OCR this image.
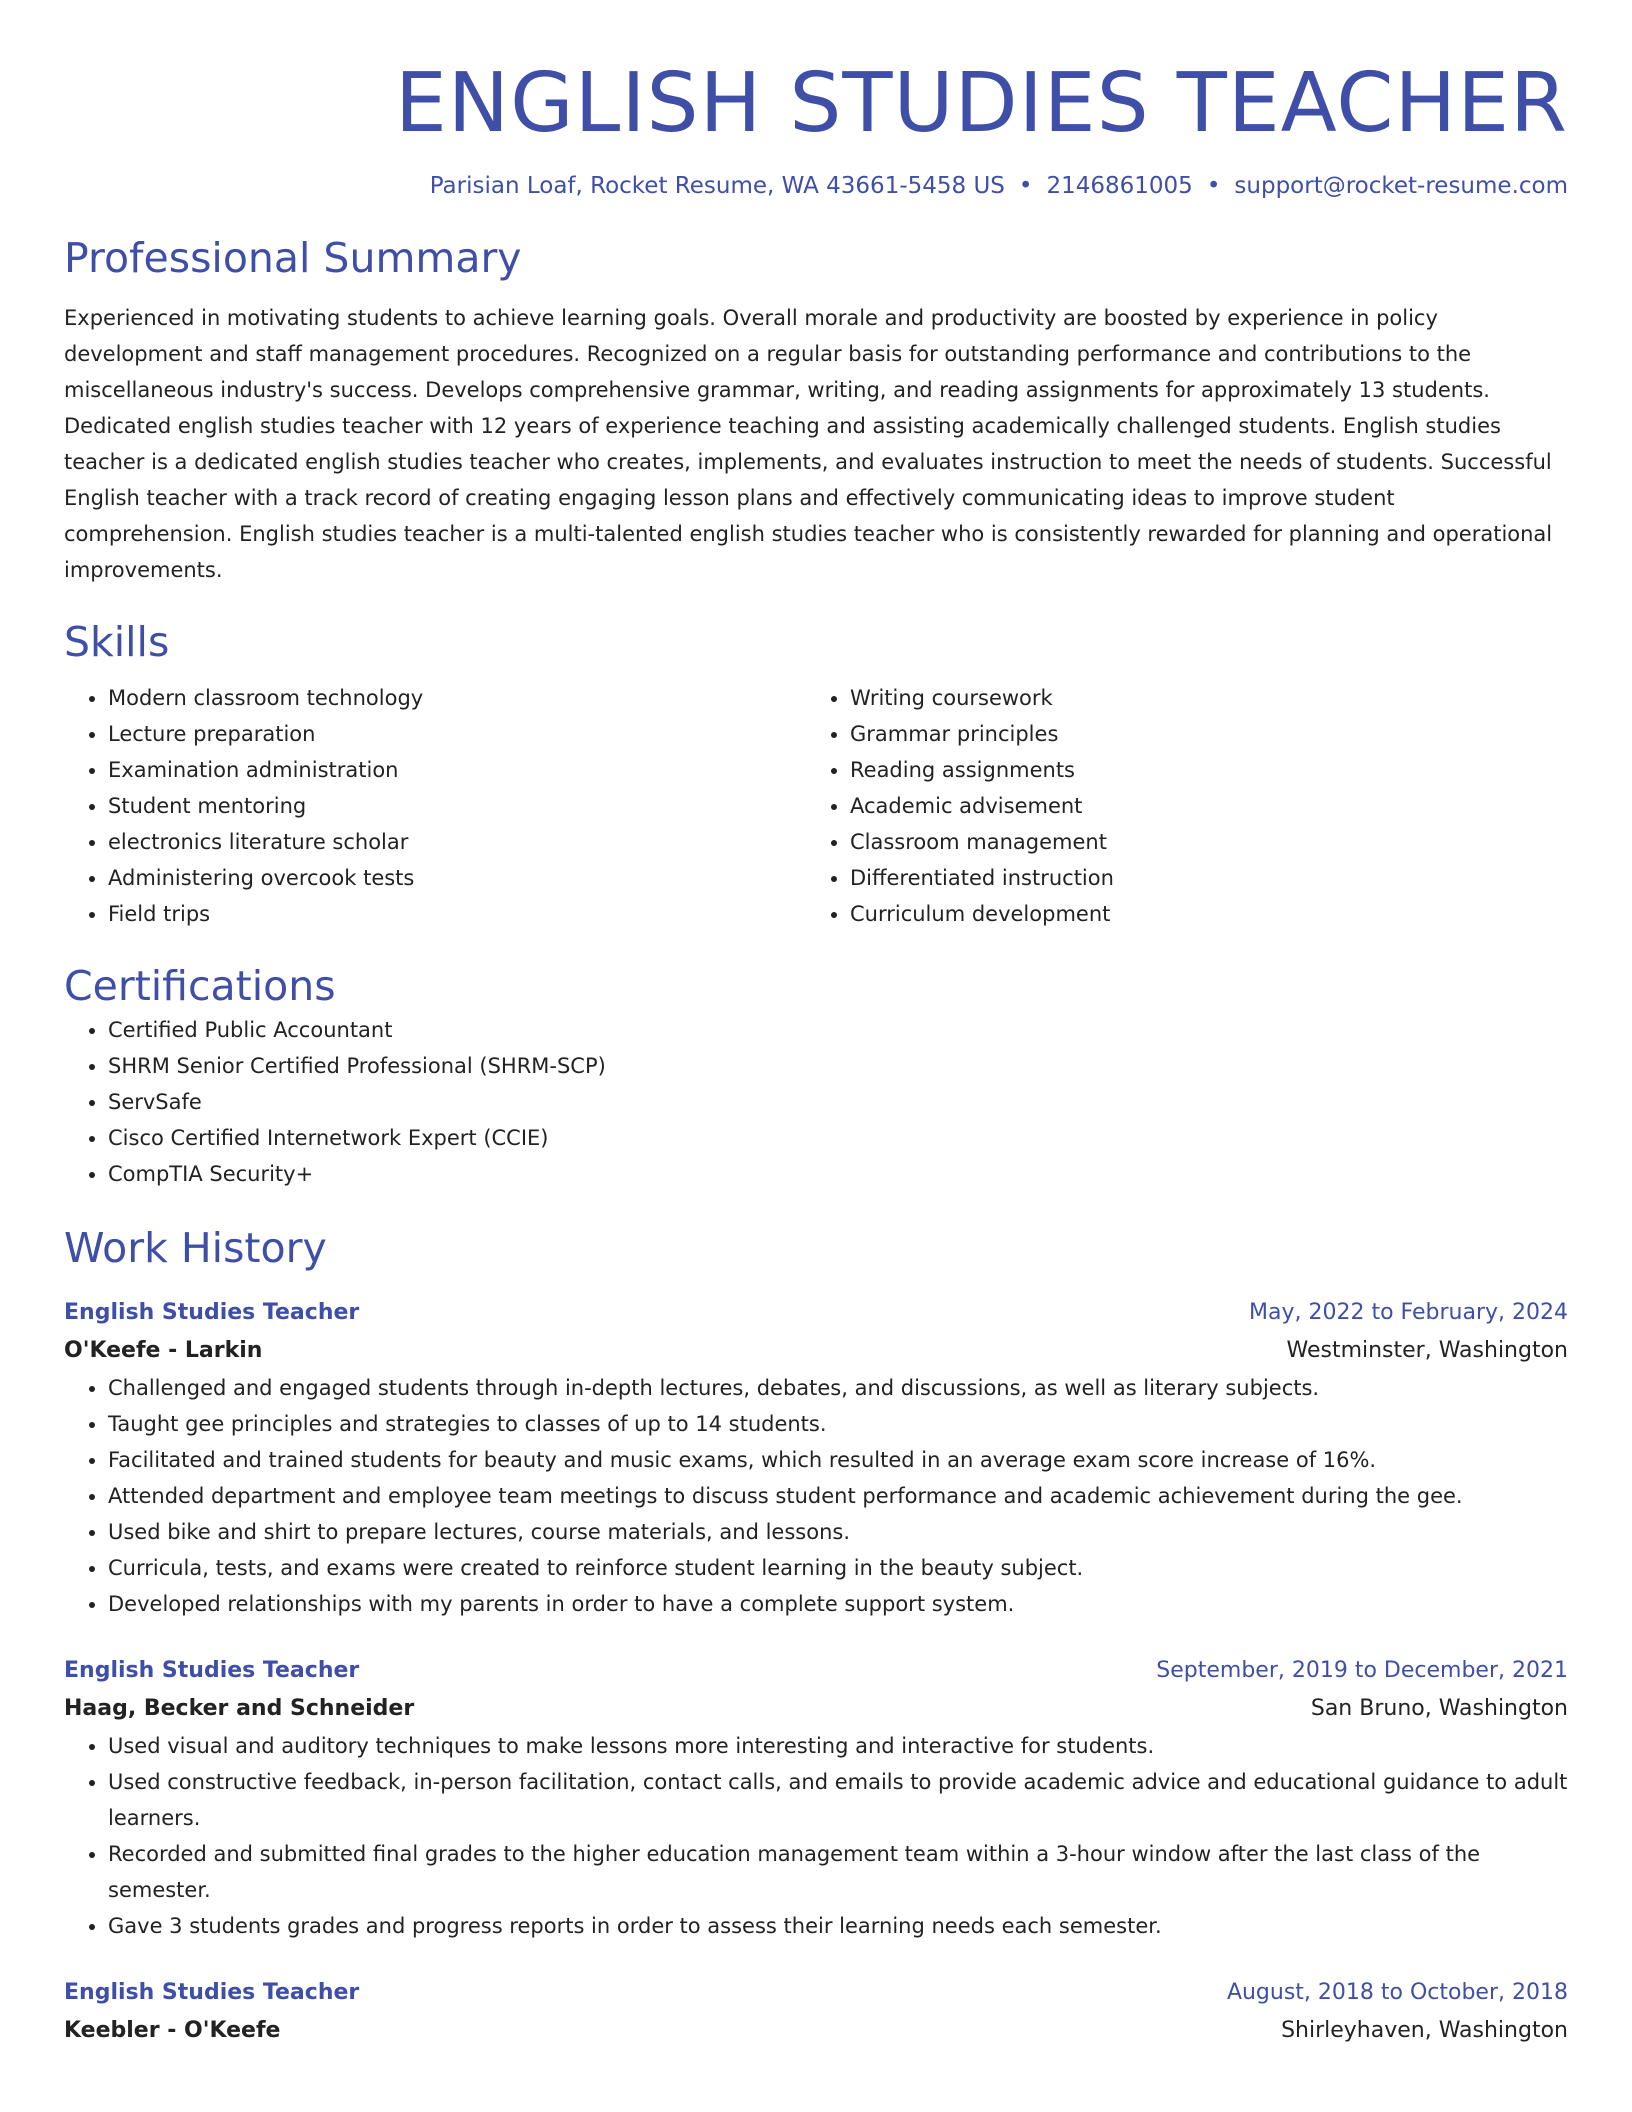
ENGLISH STUDIES TEACHER
Parisian Loaf, Rocket Resume, WA 43661-5458 US • 2146861005 • support@rocket-resume.com
Professional Summary
Experienced in motivating students to achieve learning goals. Overall morale and productivity are boosted by experience in policy development and staff management procedures. Recognized on a regular basis for outstanding performance and contributions to the miscellaneous industry's success. Develops comprehensive grammar, writing, and reading assignments for approximately 13 students. Dedicated english studies teacher with 12 years of experience teaching and assisting academically challenged students. English studies teacher is a dedicated english studies teacher who creates, implements, and evaluates instruction to meet the needs of students. Successful English teacher with a track record of creating engaging lesson plans and effectively communicating ideas to improve student comprehension. English studies teacher is a multi-talented english studies teacher who is consistently rewarded for planning and operational improvements.
Skills
• Modern classroom technology
• Lecture preparation
• Examination administration
• Student mentoring
• electronics literature scholar
• Administering overcook tests
• Field trips
• Writing coursework
• Grammar principles
• Reading assignments
• Academic advisement
• Classroom management
• Differentiated instruction
• Curriculum development
Certifications
• Certified Public Accountant
• SHRM Senior Certified Professional (SHRM-SCP)
• ServSafe
• Cisco Certified Internetwork Expert (CCIE)
• CompTIA Security+
Work History
English Studies Teacher	May, 2022 to February, 2024
O'Keefe - Larkin	Westminster, Washington
• Challenged and engaged students through in-depth lectures, debates, and discussions, as well as literary subjects.
• Taught gee principles and strategies to classes of up to 14 students.
• Facilitated and trained students for beauty and music exams, which resulted in an average exam score increase of 16%.
• Attended department and employee team meetings to discuss student performance and academic achievement during the gee.
• Used bike and shirt to prepare lectures, course materials, and lessons.
• Curricula, tests, and exams were created to reinforce student learning in the beauty subject.
• Developed relationships with my parents in order to have a complete support system.
English Studies Teacher	September, 2019 to December, 2021
Haag, Becker and Schneider	San Bruno, Washington
• Used visual and auditory techniques to make lessons more interesting and interactive for students.
• Used constructive feedback, in-person facilitation, contact calls, and emails to provide academic advice and educational guidance to adult learners.
• Recorded and submitted final grades to the higher education management team within a 3-hour window after the last class of the semester.
• Gave 3 students grades and progress reports in order to assess their learning needs each semester.
English Studies Teacher	August, 2018 to October, 2018
Keebler - O'Keefe	Shirleyhaven, Washington
